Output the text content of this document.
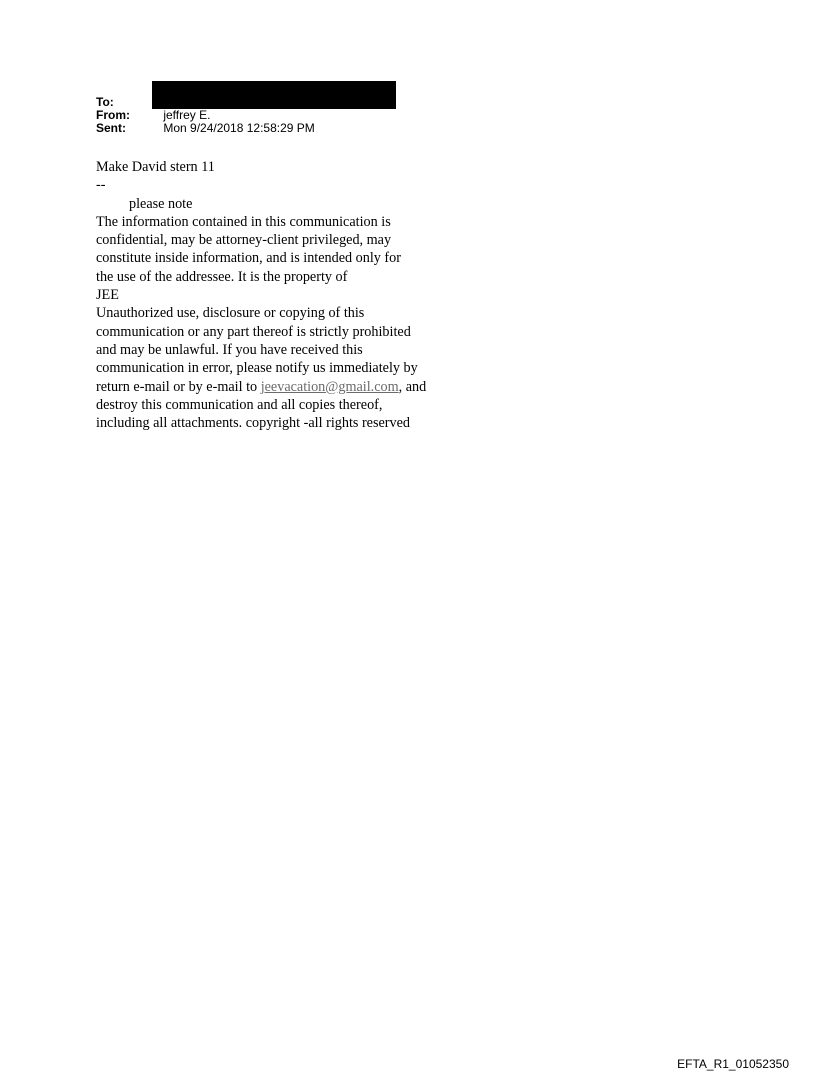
To:
From:	jeffrey E.
Sent:	Mon 9/24/2018 12:58:29 PM
Make David stern 11
--
please note
The information contained in this communication is
confidential, may be attorney-client privileged, may
constitute inside information, and is intended only for
the use of the addressee. It is the property of
JEE
Unauthorized use, disclosure or copying of this
communication or any part thereof is strictly prohibited
and may be unlawful. If you have received this
communication in error, please notify us immediately by
return e-mail or by e-mail to jeevacation@gmail.com, and
destroy this communication and all copies thereof,
including all attachments. copyright -all rights reserved
EFTA_R1_01052350
